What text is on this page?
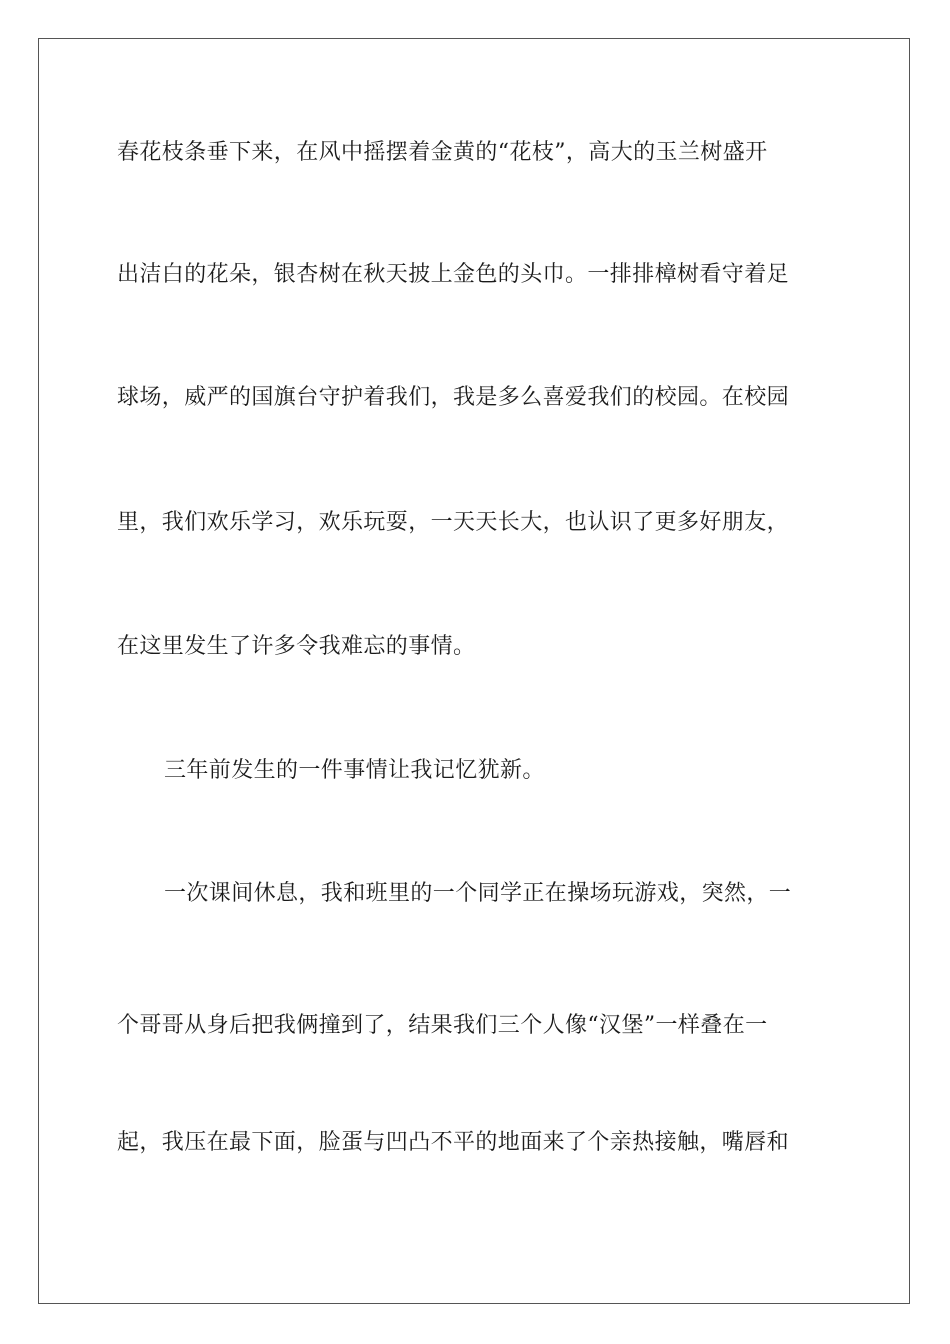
春花枝条垂下来，在风中摇摆着金黄的“花枝”，高大的玉兰树盛开
出洁白的花朵，银杏树在秋天披上金色的头巾。一排排樟树看守着足
球场，威严的国旗台守护着我们，我是多么喜爱我们的校园。在校园
里，我们欢乐学习，欢乐玩耍，一天天长大，也认识了更多好朋友，
在这里发生了许多令我难忘的事情。
三年前发生的一件事情让我记忆犹新。
一次课间休息，我和班里的一个同学正在操场玩游戏，突然，一
个哥哥从身后把我俩撞到了，结果我们三个人像“汉堡”一样叠在一
起，我压在最下面，脸蛋与凹凸不平的地面来了个亲热接触，嘴唇和
